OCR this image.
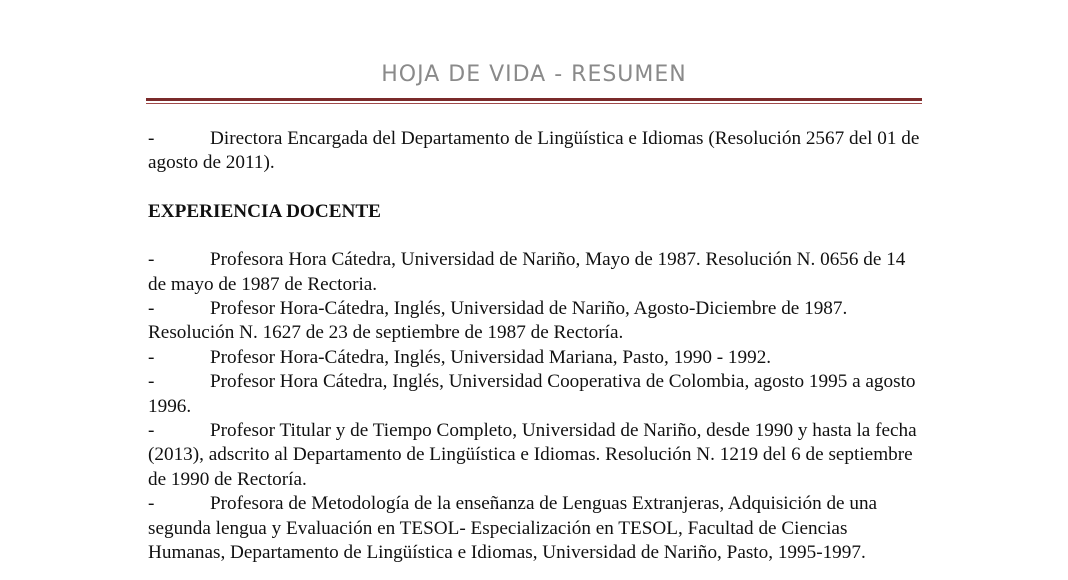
HOJA DE VIDA - RESUMEN

-	Directora Encargada del Departamento de Lingüística e Idiomas (Resolución 2567 del 01 de agosto de 2011).

EXPERIENCIA DOCENTE

-	Profesora Hora Cátedra, Universidad de Nariño, Mayo de 1987. Resolución N. 0656 de 14 de mayo de 1987 de Rectoria.

-	Profesor Hora-Cátedra, Inglés, Universidad de Nariño, Agosto-Diciembre de 1987. Resolución N. 1627 de 23 de septiembre de 1987 de Rectoría.

-	Profesor Hora-Cátedra, Inglés, Universidad Mariana, Pasto, 1990 - 1992.

-	Profesor Hora Cátedra, Inglés, Universidad Cooperativa de Colombia, agosto 1995 a agosto 1996.

-	Profesor Titular y de Tiempo Completo, Universidad de Nariño, desde 1990 y hasta la fecha (2013), adscrito al Departamento de Lingüística e Idiomas. Resolución N. 1219 del 6 de septiembre de 1990 de Rectoría.

-	Profesora de Metodología de la enseñanza de Lenguas Extranjeras, Adquisición de una segunda lengua y Evaluación en TESOL- Especialización en TESOL, Facultad de Ciencias Humanas, Departamento de Lingüística e Idiomas, Universidad de Nariño, Pasto, 1995-1997.
